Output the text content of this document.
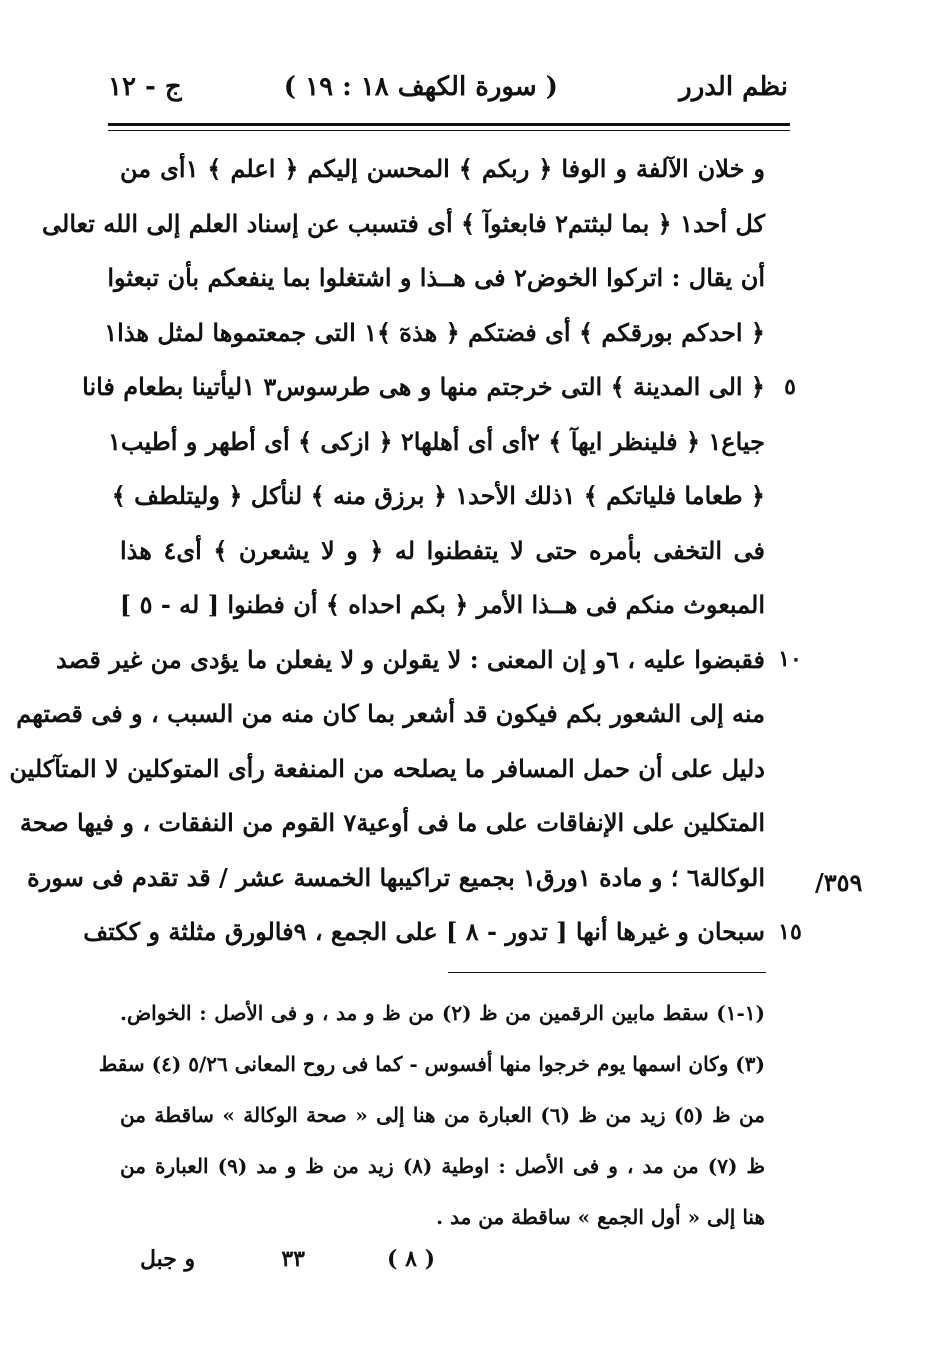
نظم الدرر
( سورة الكهف ١٨ : ١٩ )
ج - ١٢
و خلان الآلفة و الوفا ﴿ ربكم ﴾ المحسن إليكم ﴿ اعلم ﴾ ١أى من
كل أحد١ ﴿ بما لبثتم٢ فابعثوآ ﴾ أى فتسبب عن إسناد العلم إلى الله تعالى
أن يقال : اتركوا الخوض٢ فى هــذا و اشتغلوا بما ينفعكم بأن تبعثوا
﴿ احدكم بورقكم ﴾ أى فضتكم ﴿ هذهٓ ﴾١ التى جمعتموها لمثل هذا١
﴿ الى المدينة ﴾ التى خرجتم منها و هى طرسوس٣ ١ليأتينا بطعام فانا
جياع١ ﴿ فلينظر ايهآ ﴾ ٢أى أى أهلها٢ ﴿ ازكى ﴾ أى أطهر و أطيب١
﴿ طعاما فلياتكم ﴾ ١ذلك الأحد١ ﴿ برزق منه ﴾ لنأكل ﴿ وليتلطف ﴾
فى التخفى بأمره حتى لا يتفطنوا له ﴿ و لا يشعرن ﴾ أى٤ هذا
المبعوث منكم فى هــذا الأمر ﴿ بكم احداه ﴾ أن فطنوا [ له - ٥ ]
فقبضوا عليه ، ٦و إن المعنى : لا يقولن و لا يفعلن ما يؤدى من غير قصد
منه إلى الشعور بكم فيكون قد أشعر بما كان منه من السبب ، و فى قصتهم
دليل على أن حمل المسافر ما يصلحه من المنفعة رأى المتوكلين لا المتآكلين
المتكلين على الإنفاقات على ما فى أوعية٧ القوم من النفقات ، و فيها صحة
الوكالة٦ ؛ و مادة ١ورق١ بجميع تراكيبها الخمسة عشر / قد تقدم فى سورة
سبحان و غيرها أنها [ تدور - ٨ ] على الجمع ، ٩فالورق مثلثة و ككتف
٥
١٠
١٥
٣٥٩/
(١-١) سقط مابين الرقمين من ظ (٢) من ظ و مد ، و فى الأصل : الخواض.
(٣) وكان اسمها يوم خرجوا منها أفسوس - كما فى روح المعانى ٥/٢٦ (٤) سقط
من ظ (٥) زيد من ظ (٦) العبارة من هنا إلى « صحة الوكالة » ساقطة من
ظ (٧) من مد ، و فى الأصل : اوطية (٨) زيد من ظ و مد (٩) العبارة من
هنا إلى « أول الجمع » ساقطة من مد .
٣٣	( ٨ )
و جبل
